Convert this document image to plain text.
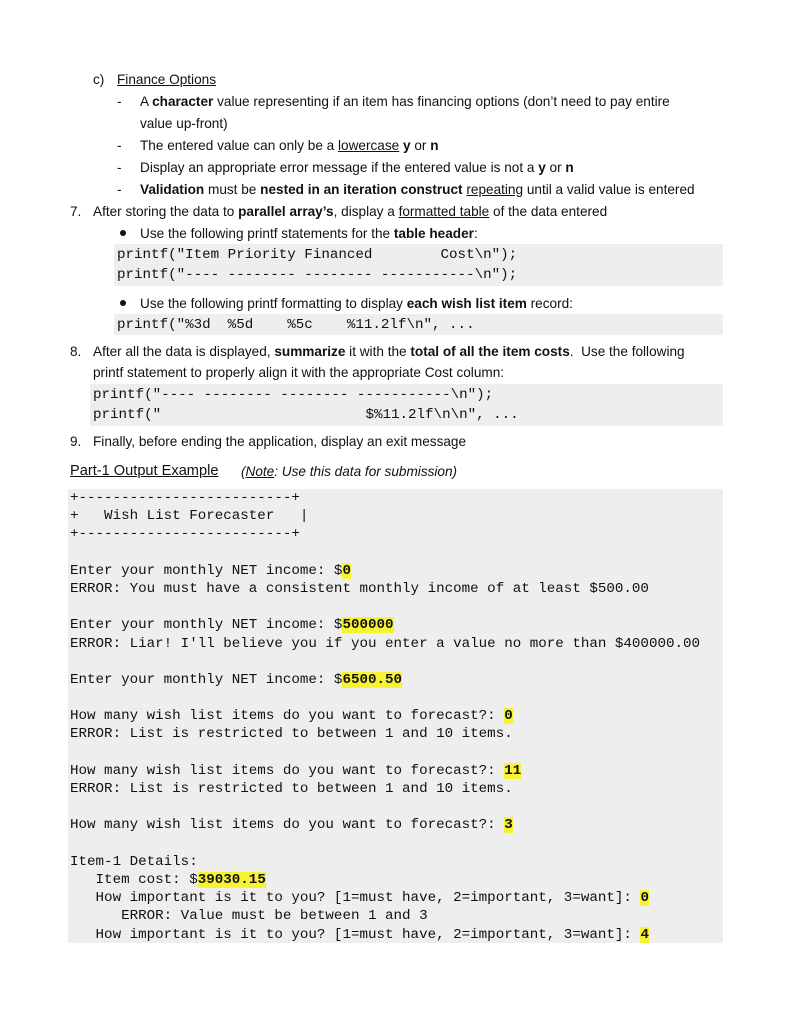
c) Finance Options
- A character value representing if an item has financing options (don’t need to pay entire
value up-front)
- The entered value can only be a lowercase y or n
- Display an appropriate error message if the entered value is not a y or n
- Validation must be nested in an iteration construct repeating until a valid value is entered
7. After storing the data to parallel array’s, display a formatted table of the data entered
Use the following printf statements for the table header:
printf("Item Priority Financed        Cost\n");
printf("---- -------- -------- -----------\n");
Use the following printf formatting to display each wish list item record:
printf("%3d  %5d    %5c    %11.2lf\n", ...
8. After all the data is displayed, summarize it with the total of all the item costs.  Use the following
printf statement to properly align it with the appropriate Cost column:
printf("---- -------- -------- -----------\n");
printf("                        $%11.2lf\n\n", ...
9. Finally, before ending the application, display an exit message
Part-1 Output Example (Note: Use this data for submission)
+-------------------------+
+   Wish List Forecaster   |
+-------------------------+
Enter your monthly NET income: $0
ERROR: You must have a consistent monthly income of at least $500.00
Enter your monthly NET income: $500000
ERROR: Liar! I'll believe you if you enter a value no more than $400000.00
Enter your monthly NET income: $6500.50
How many wish list items do you want to forecast?: 0
ERROR: List is restricted to between 1 and 10 items.
How many wish list items do you want to forecast?: 11
ERROR: List is restricted to between 1 and 10 items.
How many wish list items do you want to forecast?: 3
Item-1 Details:
Item cost: $39030.15
How important is it to you? [1=must have, 2=important, 3=want]: 0
ERROR: Value must be between 1 and 3
How important is it to you? [1=must have, 2=important, 3=want]: 4
